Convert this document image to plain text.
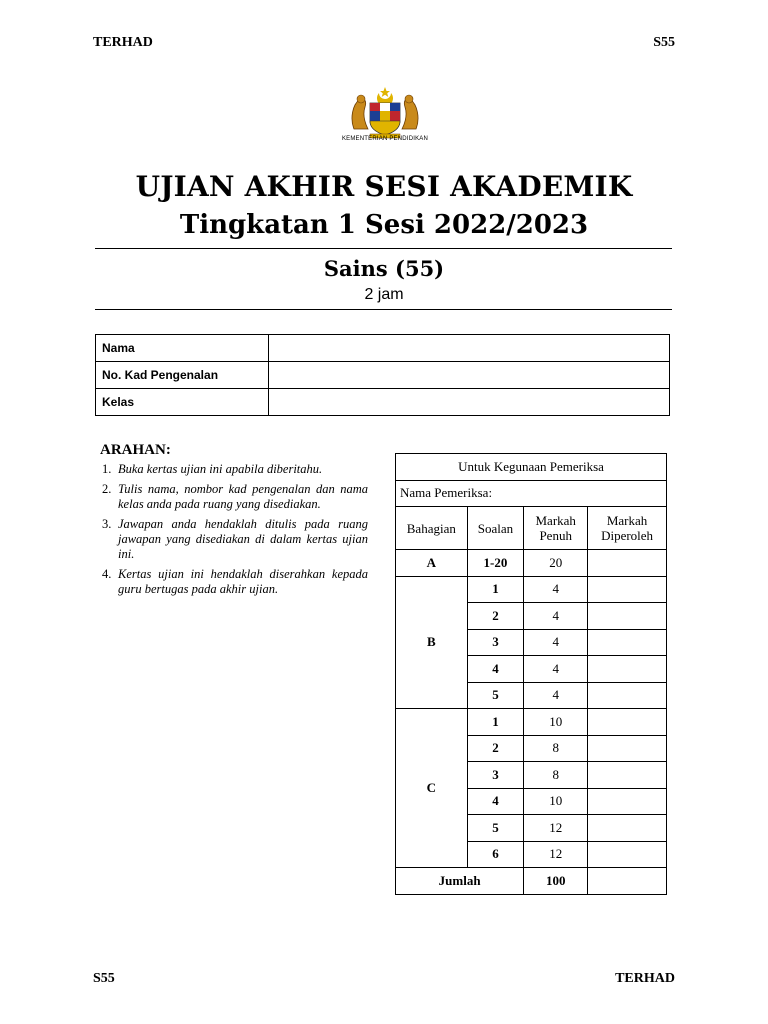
TERHAD	S55
KEMENTERIAN PENDIDIKAN
UJIAN AKHIR SESI AKADEMIK
Tingkatan 1 Sesi 2022/2023
Sains (55)
2 jam
Nama	
No. Kad Pengenalan	
Kelas	
ARAHAN:
1. Buka kertas ujian ini apabila diberitahu.
2. Tulis nama, nombor kad pengenalan dan nama kelas anda pada ruang yang disediakan.
3. Jawapan anda hendaklah ditulis pada ruang jawapan yang disediakan di dalam kertas ujian ini.
4. Kertas ujian ini hendaklah diserahkan kepada guru bertugas pada akhir ujian.
Untuk Kegunaan Pemeriksa			
Nama Pemeriksa:			
Bahagian	Soalan	Markah Penuh	Markah Diperoleh
A	1-20	20	
B	1	4	
	2	4	
	3	4	
	4	4	
	5	4	
C	1	10	
	2	8	
	3	8	
	4	10	
	5	12	
	6	12	
Jumlah		100	
S55	TERHAD
